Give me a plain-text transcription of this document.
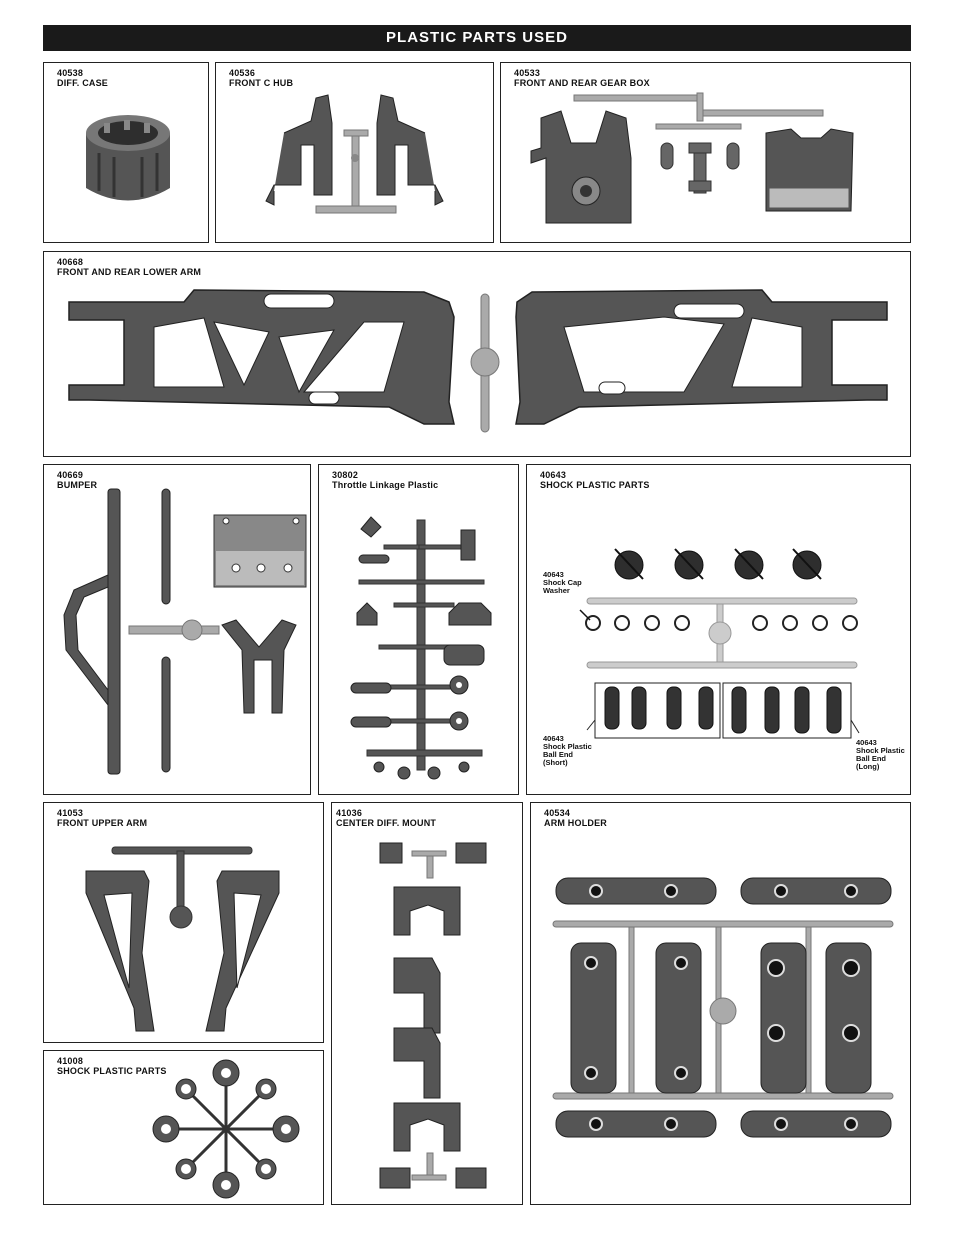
PLASTIC PARTS USED
40538
DIFF. CASE
40536
FRONT C HUB
40533
FRONT AND REAR GEAR BOX
40668
FRONT AND REAR LOWER ARM
40669
BUMPER
30802
Throttle Linkage Plastic
40643
SHOCK PLASTIC PARTS
40643
Shock Cap
Washer
40643
Shock Plastic
Ball End
(Short)
40643
Shock Plastic
Ball End
(Long)
41053
FRONT UPPER ARM
41008
SHOCK PLASTIC PARTS
41036
CENTER DIFF. MOUNT
40534
ARM HOLDER
